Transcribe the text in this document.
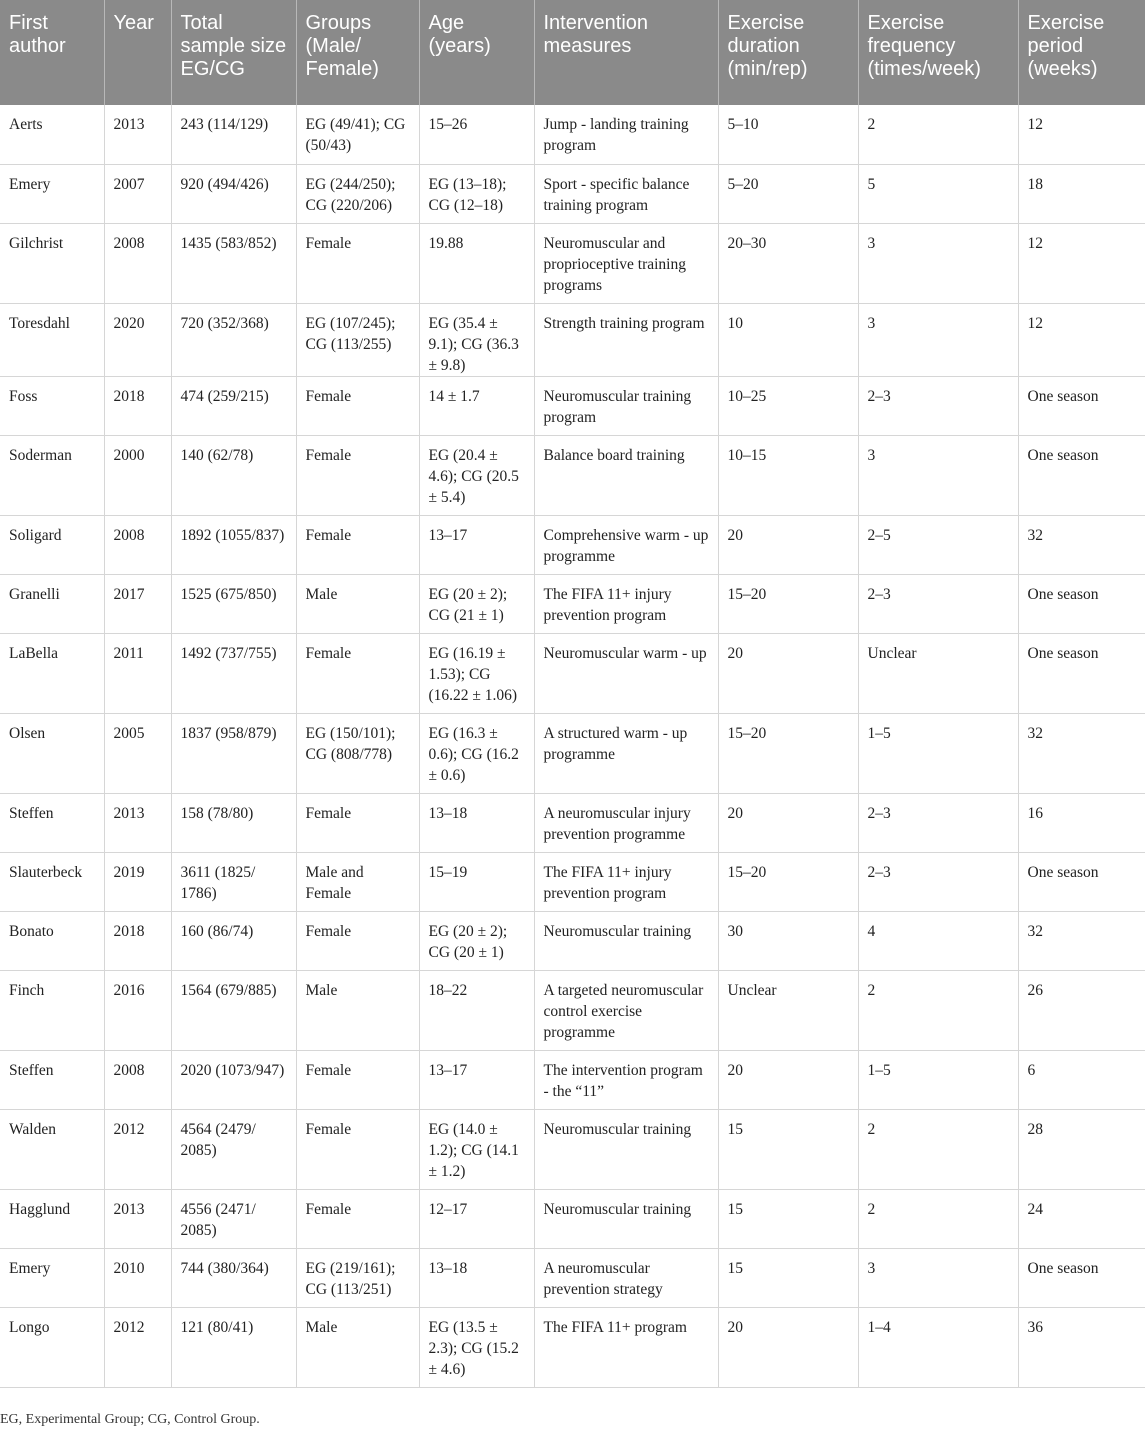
First author	Year	Total sample size EG/CG	Groups (Male/ Female)	Age (years)	Intervention measures	Exercise duration (min/rep)	Exercise frequency (times/week)	Exercise period (weeks)
Aerts	2013	243 (114/129)	EG (49/41); CG (50/43)	15–26	Jump - landing training program	5–10	2	12
Emery	2007	920 (494/426)	EG (244/250); CG (220/206)	EG (13–18); CG (12–18)	Sport - specific balance training program	5–20	5	18
Gilchrist	2008	1435 (583/852)	Female	19.88	Neuromuscular and proprioceptive training programs	20–30	3	12
Toresdahl	2020	720 (352/368)	EG (107/245); CG (113/255)	EG (35.4 ± 9.1); CG (36.3 ± 9.8)	Strength training program	10	3	12
Foss	2018	474 (259/215)	Female	14 ± 1.7	Neuromuscular training program	10–25	2–3	One season
Soderman	2000	140 (62/78)	Female	EG (20.4 ± 4.6); CG (20.5 ± 5.4)	Balance board training	10–15	3	One season
Soligard	2008	1892 (1055/837)	Female	13–17	Comprehensive warm - up programme	20	2–5	32
Granelli	2017	1525 (675/850)	Male	EG (20 ± 2); CG (21 ± 1)	The FIFA 11+ injury prevention program	15–20	2–3	One season
LaBella	2011	1492 (737/755)	Female	EG (16.19 ± 1.53); CG (16.22 ± 1.06)	Neuromuscular warm - up	20	Unclear	One season
Olsen	2005	1837 (958/879)	EG (150/101); CG (808/778)	EG (16.3 ± 0.6); CG (16.2 ± 0.6)	A structured warm - up programme	15–20	1–5	32
Steffen	2013	158 (78/80)	Female	13–18	A neuromuscular injury prevention programme	20	2–3	16
Slauterbeck	2019	3611 (1825/ 1786)	Male and Female	15–19	The FIFA 11+ injury prevention program	15–20	2–3	One season
Bonato	2018	160 (86/74)	Female	EG (20 ± 2); CG (20 ± 1)	Neuromuscular training	30	4	32
Finch	2016	1564 (679/885)	Male	18–22	A targeted neuromuscular control exercise programme	Unclear	2	26
Steffen	2008	2020 (1073/947)	Female	13–17	The intervention program - the “11”	20	1–5	6
Walden	2012	4564 (2479/ 2085)	Female	EG (14.0 ± 1.2); CG (14.1 ± 1.2)	Neuromuscular training	15	2	28
Hagglund	2013	4556 (2471/ 2085)	Female	12–17	Neuromuscular training	15	2	24
Emery	2010	744 (380/364)	EG (219/161); CG (113/251)	13–18	A neuromuscular prevention strategy	15	3	One season
Longo	2012	121 (80/41)	Male	EG (13.5 ± 2.3); CG (15.2 ± 4.6)	The FIFA 11+ program	20	1–4	36
EG, Experimental Group; CG, Control Group.
